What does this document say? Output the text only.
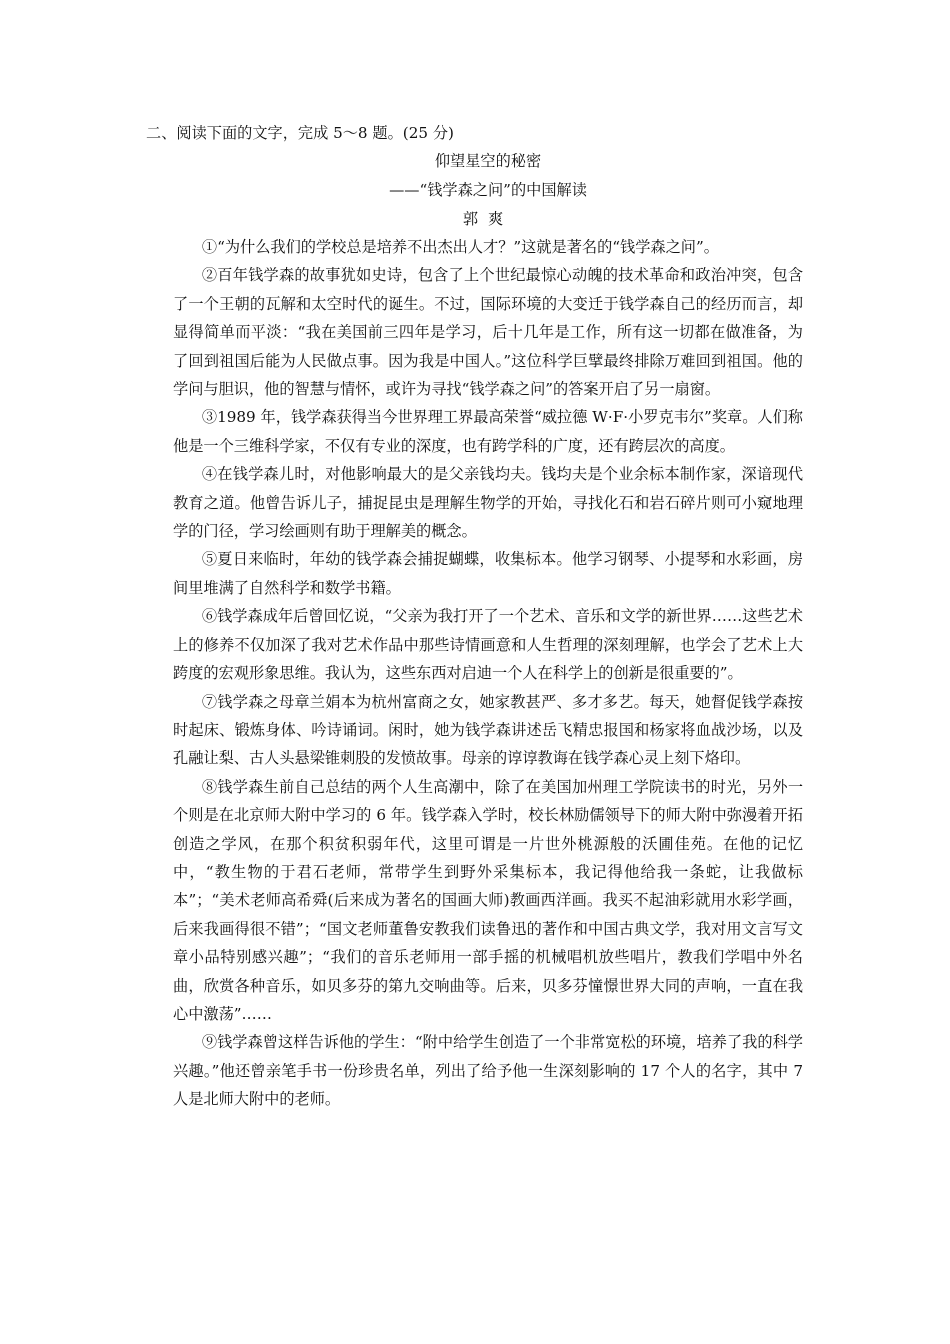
二、阅读下面的文字，完成 5～8 题。(25 分)
仰望星空的秘密
——“钱学森之问”的中国解读
郭爽

①“为什么我们的学校总是培养不出杰出人才？”这就是著名的“钱学森之问”。

②百年钱学森的故事犹如史诗，包含了上个世纪最惊心动魄的技术革命和政治冲突，包含了一个王朝的瓦解和太空时代的诞生。不过，国际环境的大变迁于钱学森自己的经历而言，却显得简单而平淡：“我在美国前三四年是学习，后十几年是工作，所有这一切都在做准备，为了回到祖国后能为人民做点事。因为我是中国人。”这位科学巨擘最终排除万难回到祖国。他的学问与胆识，他的智慧与情怀，或许为寻找“钱学森之问”的答案开启了另一扇窗。

③1989 年，钱学森获得当今世界理工界最高荣誉“威拉德 W·F·小罗克韦尔”奖章。人们称他是一个三维科学家，不仅有专业的深度，也有跨学科的广度，还有跨层次的高度。

④在钱学森儿时，对他影响最大的是父亲钱均夫。钱均夫是个业余标本制作家，深谙现代教育之道。他曾告诉儿子，捕捉昆虫是理解生物学的开始，寻找化石和岩石碎片则可小窥地理学的门径，学习绘画则有助于理解美的概念。

⑤夏日来临时，年幼的钱学森会捕捉蝴蝶，收集标本。他学习钢琴、小提琴和水彩画，房间里堆满了自然科学和数学书籍。

⑥钱学森成年后曾回忆说，“父亲为我打开了一个艺术、音乐和文学的新世界……这些艺术上的修养不仅加深了我对艺术作品中那些诗情画意和人生哲理的深刻理解，也学会了艺术上大跨度的宏观形象思维。我认为，这些东西对启迪一个人在科学上的创新是很重要的”。

⑦钱学森之母章兰娟本为杭州富商之女，她家教甚严、多才多艺。每天，她督促钱学森按时起床、锻炼身体、吟诗诵词。闲时，她为钱学森讲述岳飞精忠报国和杨家将血战沙场，以及孔融让梨、古人头悬梁锥刺股的发愤故事。母亲的谆谆教诲在钱学森心灵上刻下烙印。

⑧钱学森生前自己总结的两个人生高潮中，除了在美国加州理工学院读书的时光，另外一个则是在北京师大附中学习的 6 年。钱学森入学时，校长林励儒领导下的师大附中弥漫着开拓创造之学风，在那个积贫积弱年代，这里可谓是一片世外桃源般的沃圃佳苑。在他的记忆中，“教生物的于君石老师，常带学生到野外采集标本，我记得他给我一条蛇，让我做标本”；“美术老师高希舜(后来成为著名的国画大师)教画西洋画。我买不起油彩就用水彩学画，后来我画得很不错”；“国文老师董鲁安教我们读鲁迅的著作和中国古典文学，我对用文言写文章小品特别感兴趣”；“我们的音乐老师用一部手摇的机械唱机放些唱片，教我们学唱中外名曲，欣赏各种音乐，如贝多芬的第九交响曲等。后来，贝多芬憧憬世界大同的声响，一直在我心中激荡”……

⑨钱学森曾这样告诉他的学生：“附中给学生创造了一个非常宽松的环境，培养了我的科学兴趣。”他还曾亲笔手书一份珍贵名单，列出了给予他一生深刻影响的 17 个人的名字，其中 7 人是北师大附中的老师。
